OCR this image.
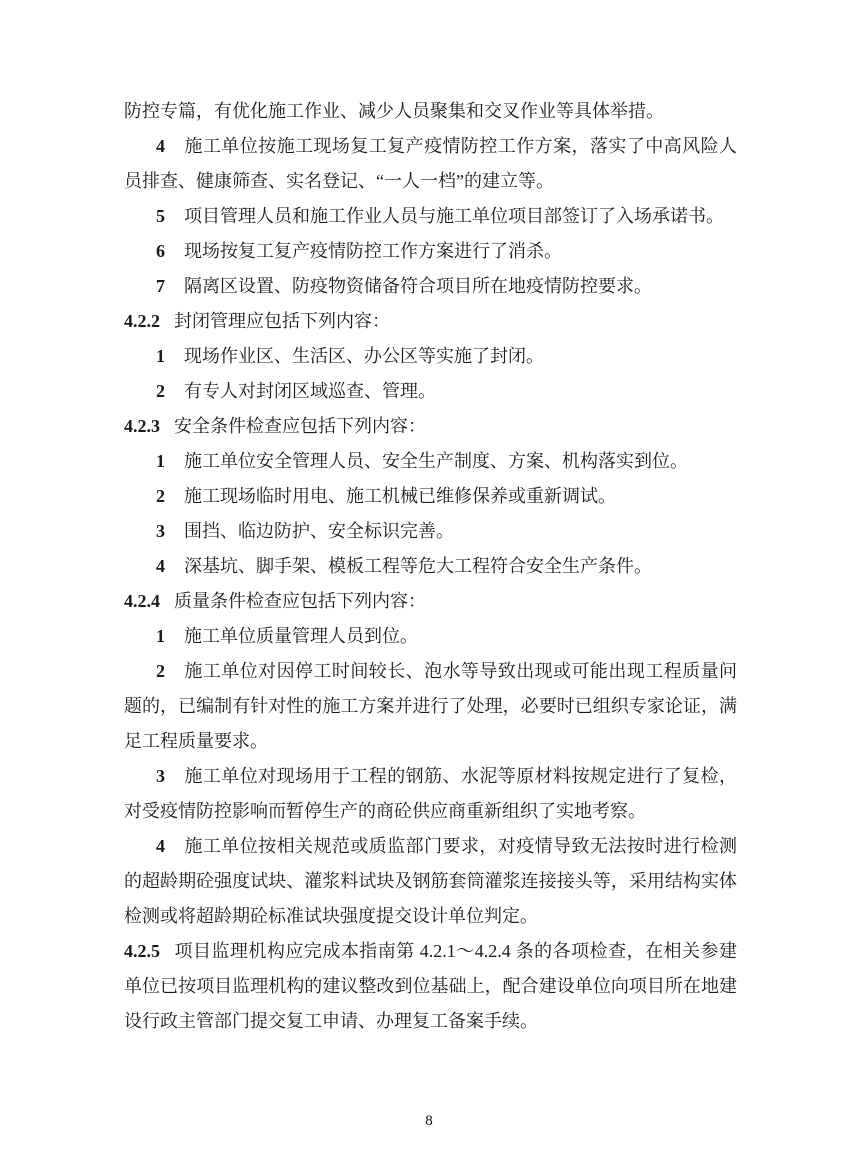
防控专篇，有优化施工作业、减少人员聚集和交叉作业等具体举措。

4 施工单位按施工现场复工复产疫情防控工作方案，落实了中高风险人员排查、健康筛查、实名登记、“一人一档”的建立等。

5 项目管理人员和施工作业人员与施工单位项目部签订了入场承诺书。

6 现场按复工复产疫情防控工作方案进行了消杀。

7 隔离区设置、防疫物资储备符合项目所在地疫情防控要求。

4.2.2 封闭管理应包括下列内容：

1 现场作业区、生活区、办公区等实施了封闭。

2 有专人对封闭区域巡查、管理。

4.2.3 安全条件检查应包括下列内容：

1 施工单位安全管理人员、安全生产制度、方案、机构落实到位。

2 施工现场临时用电、施工机械已维修保养或重新调试。

3 围挡、临边防护、安全标识完善。

4 深基坑、脚手架、模板工程等危大工程符合安全生产条件。

4.2.4 质量条件检查应包括下列内容：

1 施工单位质量管理人员到位。

2 施工单位对因停工时间较长、泡水等导致出现或可能出现工程质量问题的，已编制有针对性的施工方案并进行了处理，必要时已组织专家论证，满足工程质量要求。

3 施工单位对现场用于工程的钢筋、水泥等原材料按规定进行了复检，对受疫情防控影响而暂停生产的商砼供应商重新组织了实地考察。

4 施工单位按相关规范或质监部门要求，对疫情导致无法按时进行检测的超龄期砼强度试块、灌浆料试块及钢筋套筒灌浆连接接头等，采用结构实体检测或将超龄期砼标准试块强度提交设计单位判定。

4.2.5 项目监理机构应完成本指南第 4.2.1～4.2.4 条的各项检查，在相关参建单位已按项目监理机构的建议整改到位基础上，配合建设单位向项目所在地建设行政主管部门提交复工申请、办理复工备案手续。

8
